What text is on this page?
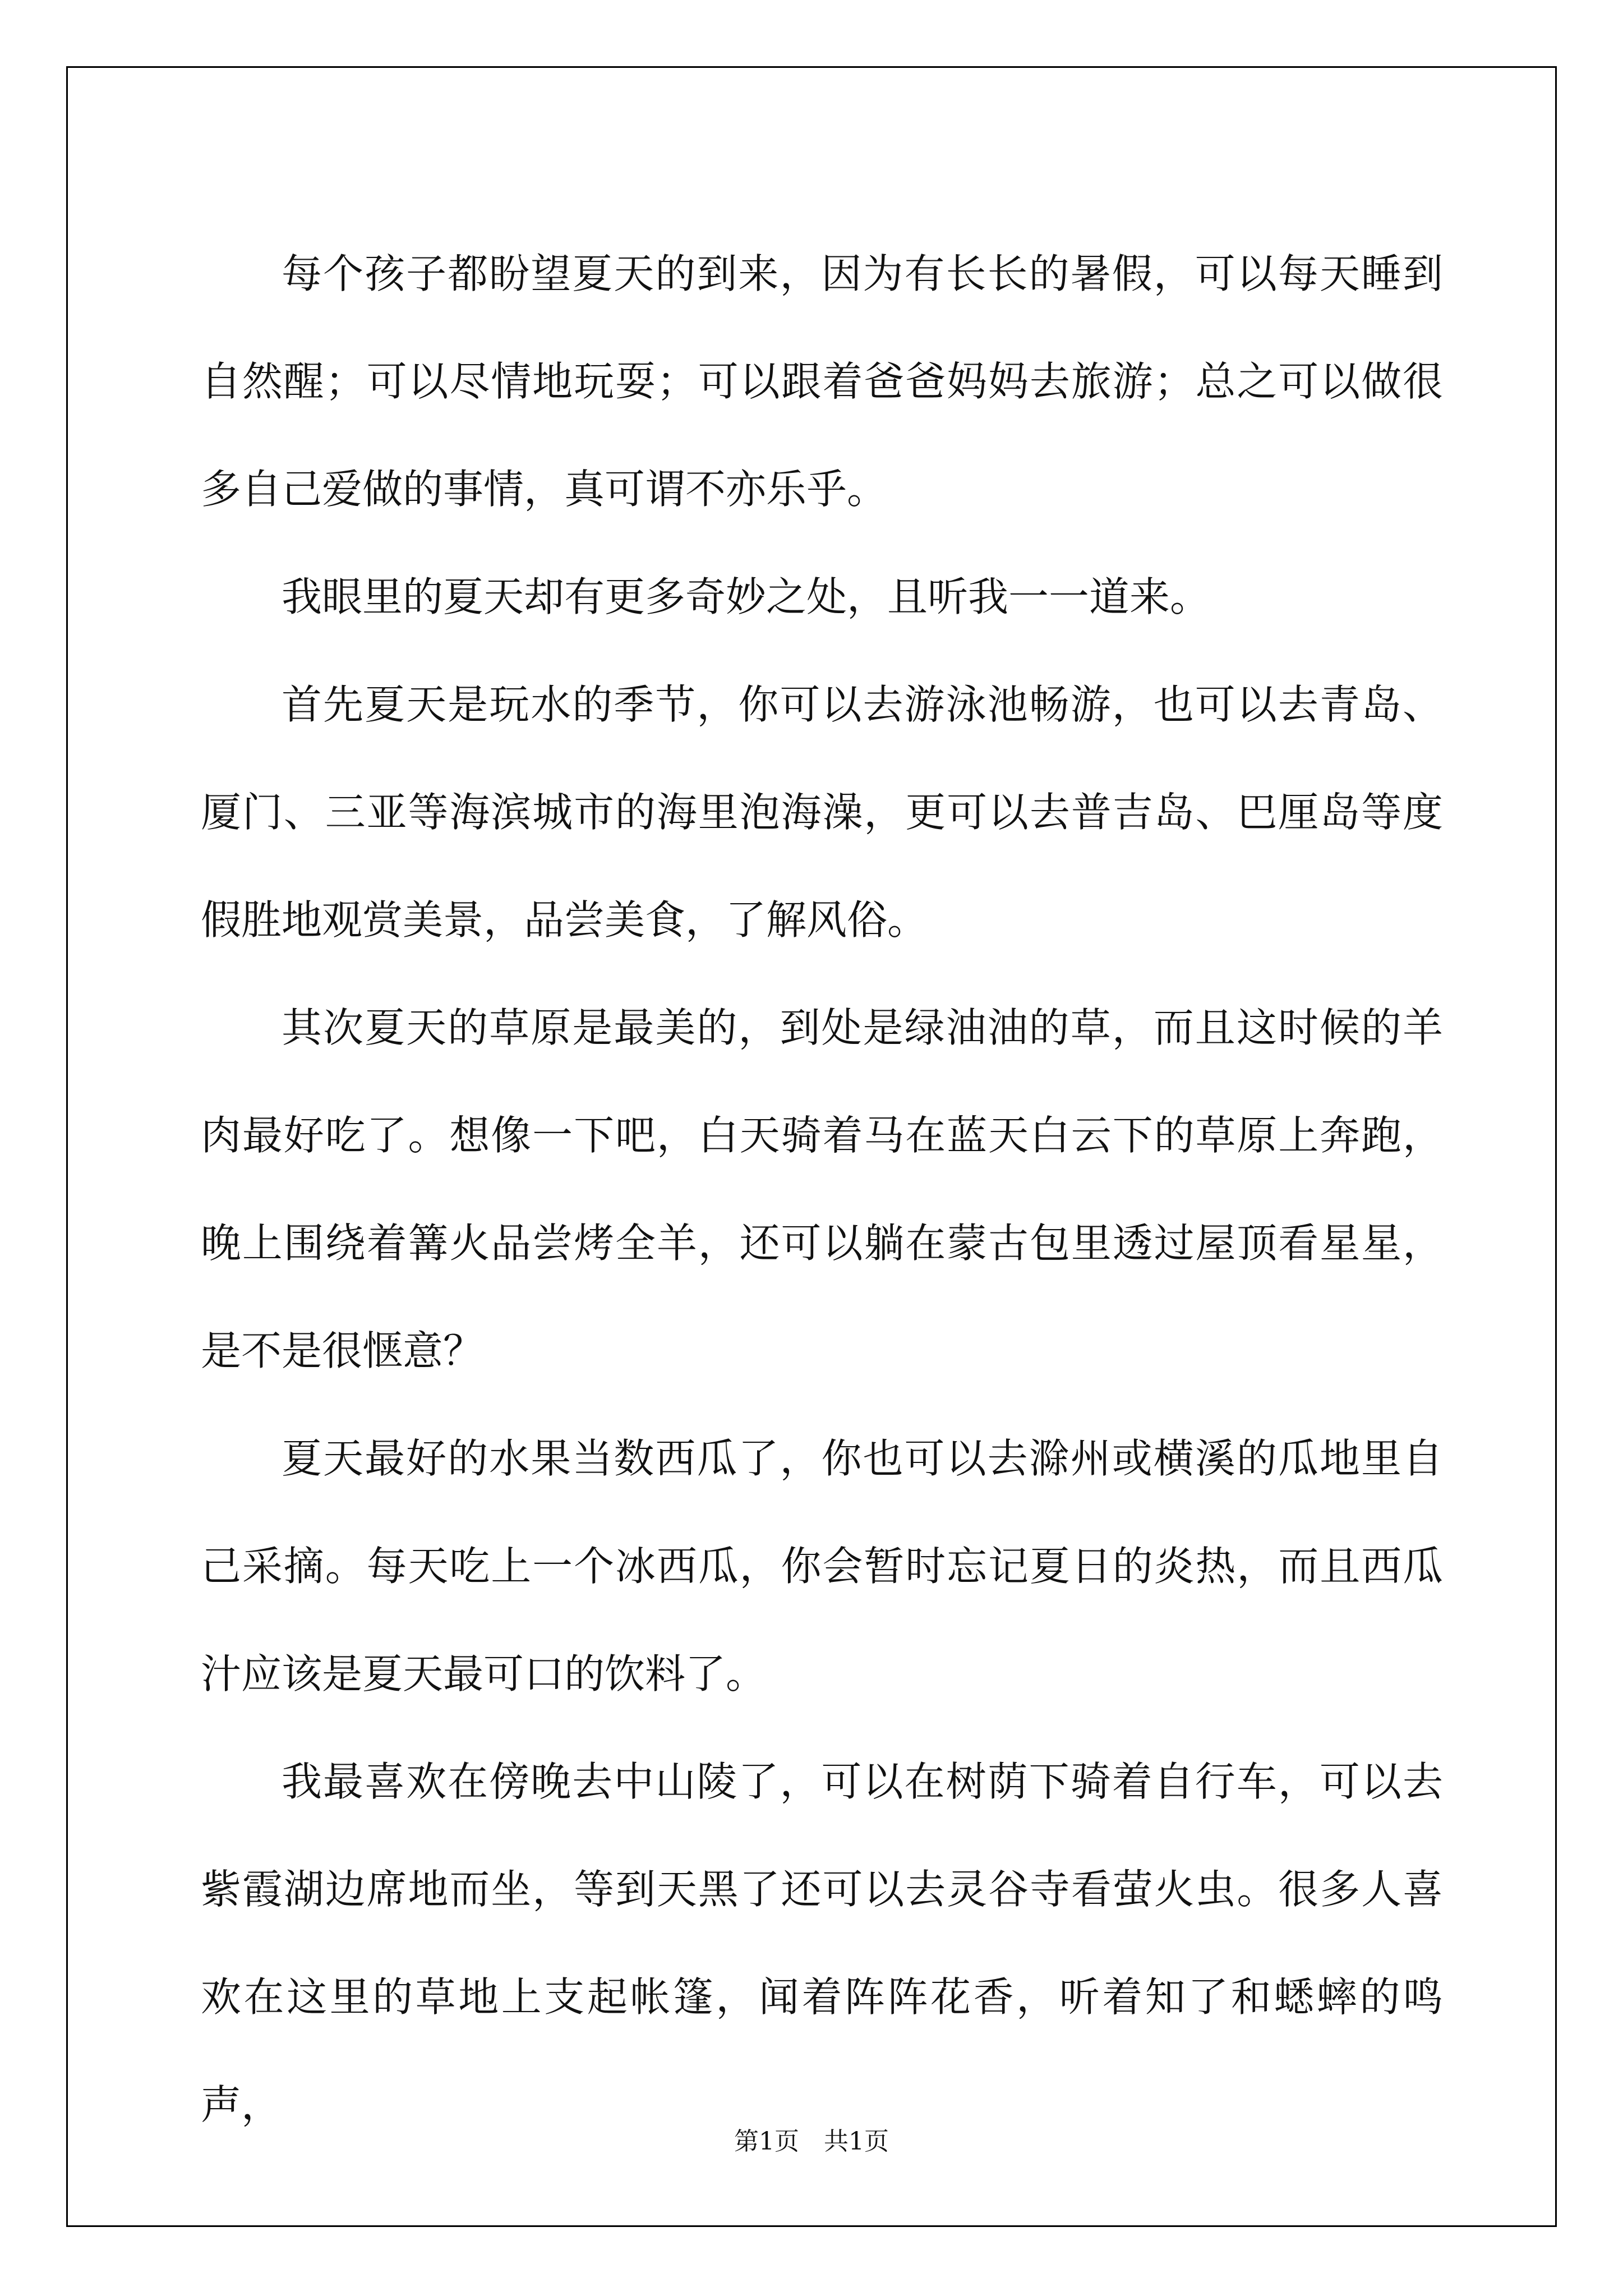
每个孩子都盼望夏天的到来，因为有长长的暑假，可以每天睡到自然醒；可以尽情地玩耍；可以跟着爸爸妈妈去旅游；总之可以做很多自己爱做的事情，真可谓不亦乐乎。

我眼里的夏天却有更多奇妙之处，且听我一一道来。

首先夏天是玩水的季节，你可以去游泳池畅游，也可以去青岛、厦门、三亚等海滨城市的海里泡海澡，更可以去普吉岛、巴厘岛等度假胜地观赏美景，品尝美食，了解风俗。

其次夏天的草原是最美的，到处是绿油油的草，而且这时候的羊肉最好吃了。想像一下吧，白天骑着马在蓝天白云下的草原上奔跑，晚上围绕着篝火品尝烤全羊，还可以躺在蒙古包里透过屋顶看星星，是不是很惬意？

夏天最好的水果当数西瓜了，你也可以去滁州或横溪的瓜地里自己采摘。每天吃上一个冰西瓜，你会暂时忘记夏日的炎热，而且西瓜汁应该是夏天最可口的饮料了。

我最喜欢在傍晚去中山陵了，可以在树荫下骑着自行车，可以去紫霞湖边席地而坐，等到天黑了还可以去灵谷寺看萤火虫。很多人喜欢在这里的草地上支起帐篷，闻着阵阵花香，听着知了和蟋蟀的鸣声，

第1页 共1页
